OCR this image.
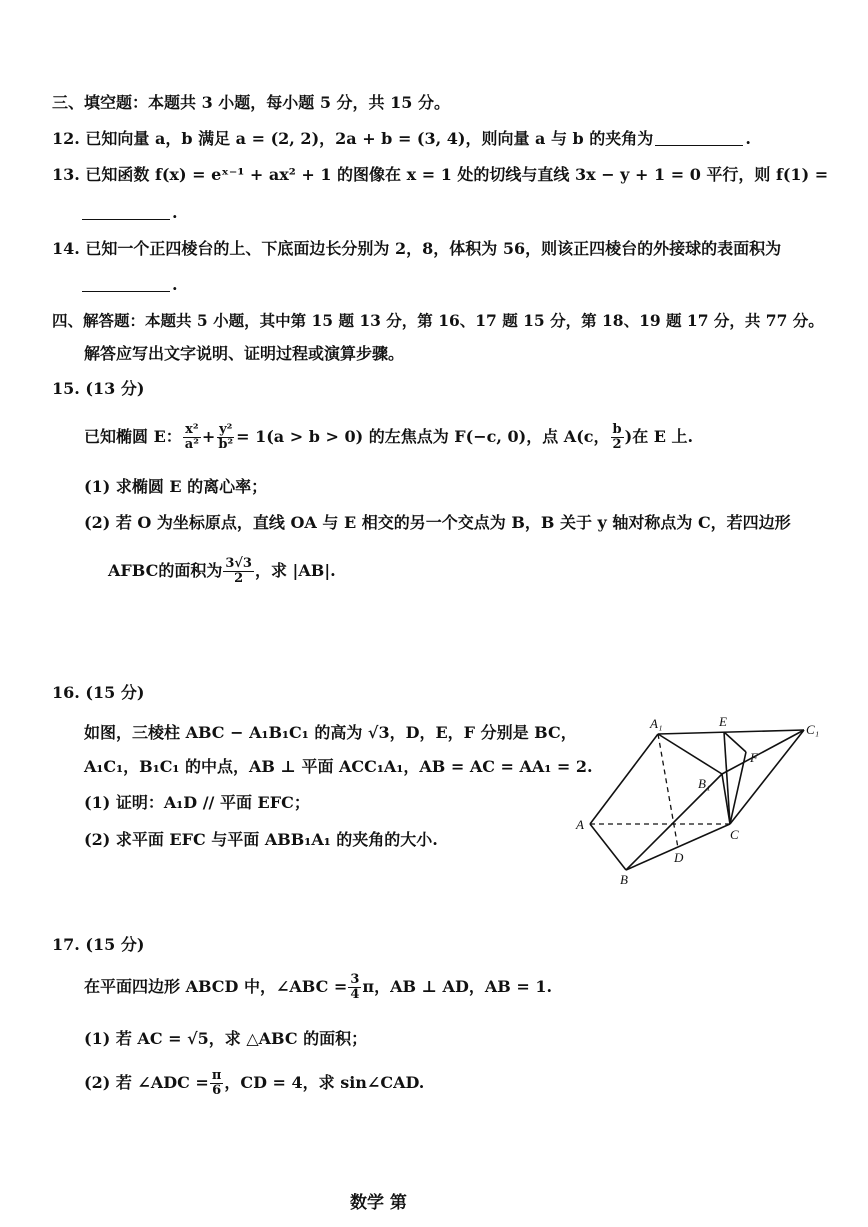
三、填空题：本题共 3 小题，每小题 5 分，共 15 分。
12. 已知向量 a，b 满足 a = (2, 2)，2a + b = (3, 4)，则向量 a 与 b 的夹角为	.
13. 已知函数 f(x) = eˣ⁻¹ + ax² + 1 的图像在 x = 1 处的切线与直线 3x − y + 1 = 0 平行，则 f(1) =
.
14. 已知一个正四棱台的上、下底面边长分别为 2，8，体积为 56，则该正四棱台的外接球的表面积为
.
四、解答题：本题共 5 小题，其中第 15 题 13 分，第 16、17 题 15 分，第 18、19 题 17 分，共 77 分。
解答应写出文字说明、证明过程或演算步骤。
15. (13 分)
已知椭圆 E： $\frac{\text{x²}}{\text{a²}} + \frac{\text{y²}}{\text{b²}} = 1(a > b > 0)$ 的左焦点为 F(−c, 0)，点 A(c， $\frac{b}{2}$ )在 E 上.
(1) 求椭圆 E 的离心率；
(2) 若 O 为坐标原点，直线 OA 与 E 相交的另一个交点为 B，B 关于 y 轴对称点为 C，若四边形
AFBC的面积为 $\frac{3√3}{2}$ ，求 |AB|.
16. (15 分)
如图，三棱柱 ABC − A₁B₁C₁ 的高为 √3，D，E，F 分别是 BC，
A₁C₁，B₁C₁ 的中点，AB ⊥ 平面 ACC₁A₁，AB = AC = AA₁ = 2.
(1) 证明：A₁D // 平面 EFC；
(2) 求平面 EFC 与平面 ABB₁A₁ 的夹角的大小.
A₁	E
C₁
F
B₁
A
C
D
B
17. (15 分)
在平面四边形 ABCD 中，∠ABC = $\frac{3}{4}$ π，AB ⊥ AD，AB = 1.
(1) 若 AC = √5，求 △ABC 的面积；
(2) 若 ∠ADC = $\frac{\pi}{6}$ ，CD = 4，求 sin∠CAD.
数学 第
